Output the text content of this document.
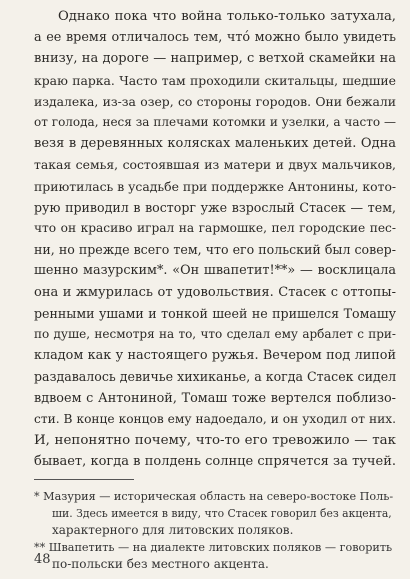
Однако пока что война только-только затухала,
а ее время отличалось тем, чтó можно было увидеть
внизу, на дороге — например, с ветхой скамейки на
краю парка. Часто там проходили скитальцы, шедшие
издалека, из-за озер, со стороны городов. Они бежали
от голода, неся за плечами котомки и узелки, а часто —
везя в деревянных колясках маленьких детей. Одна
такая семья, состоявшая из матери и двух мальчиков,
приютилась в усадьбе при поддержке Антонины, кото-
рую приводил в восторг уже взрослый Стасек — тем,
что он красиво играл на гармошке, пел городские пес-
ни, но прежде всего тем, что его польский был совер-
шенно мазурским*. «Он швапетит!**» — восклицала
она и жмурилась от удовольствия. Стасек с оттопы-
ренными ушами и тонкой шеей не пришелся Томашу
по душе, несмотря на то, что сделал ему арбалет с при-
кладом как у настоящего ружья. Вечером под липой
раздавалось девичье хихиканье, а когда Стасек сидел
вдвоем с Антониной, Томаш тоже вертелся поблизо-
сти. В конце концов ему надоедало, и он уходил от них.
И, непонятно почему, что-то его тревожило — так
бывает, когда в полдень солнце спрячется за тучей.
* Мазурия — историческая область на северо-востоке Поль-
ши. Здесь имеется в виду, что Стасек говорил без акцента,
характерного для литовских поляков.
** Швапетить — на диалекте литовских поляков — говорить
по-польски без местного акцента.
48
